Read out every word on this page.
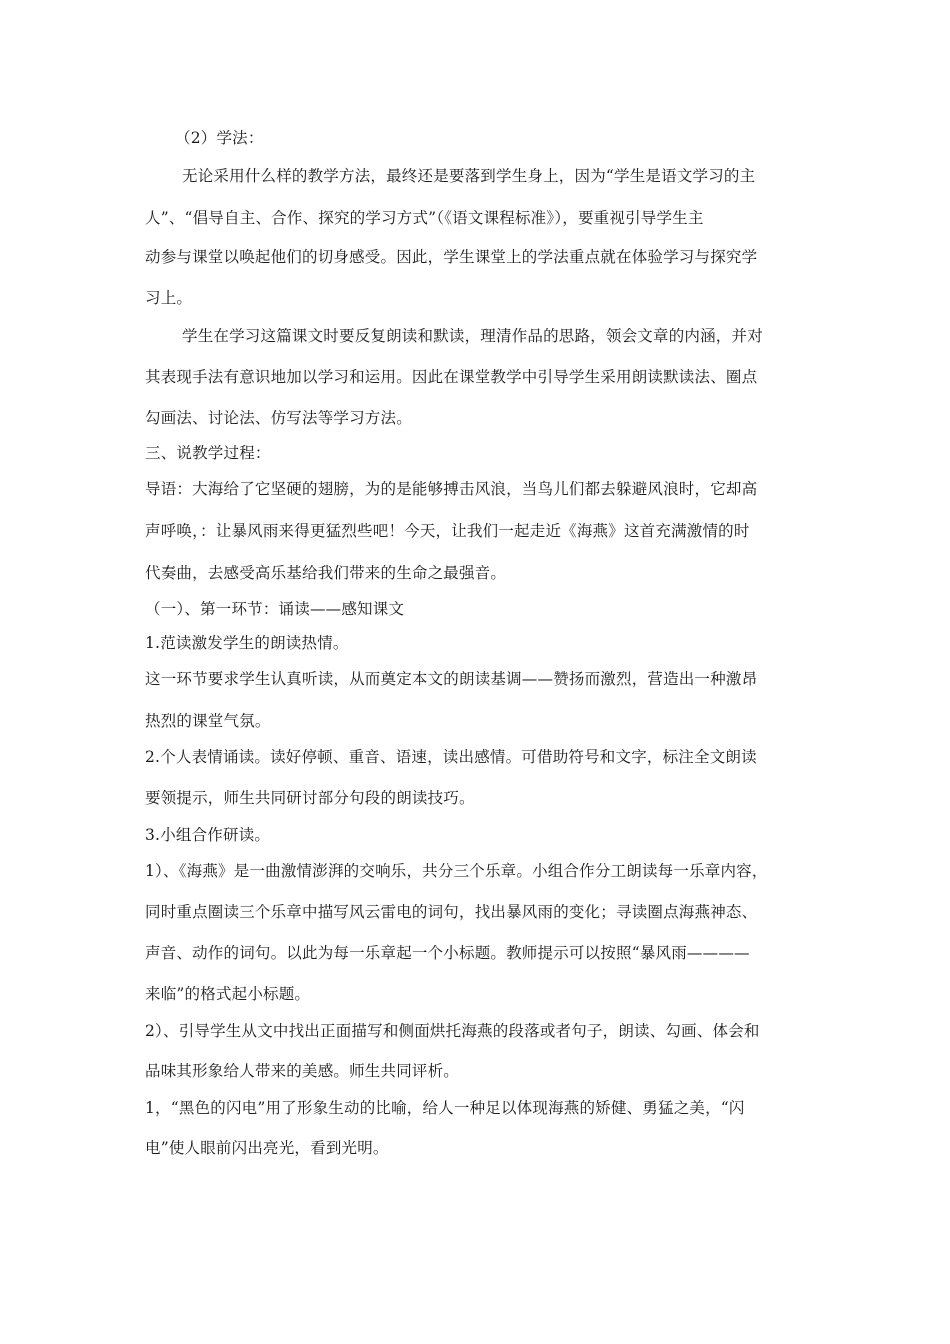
（2）学法：
无论采用什么样的教学方法，最终还是要落到学生身上，因为“学生是语文学习的主
人”、“倡导自主、合作、探究的学习方式”（《语文课程标准》），要重视引导学生主
动参与课堂以唤起他们的切身感受。因此，学生课堂上的学法重点就在体验学习与探究学
习上。
学生在学习这篇课文时要反复朗读和默读，理清作品的思路，领会文章的内涵，并对
其表现手法有意识地加以学习和运用。因此在课堂教学中引导学生采用朗读默读法、圈点
勾画法、讨论法、仿写法等学习方法。
三、说教学过程：
导语：大海给了它坚硬的翅膀，为的是能够搏击风浪，当鸟儿们都去躲避风浪时，它却高
声呼唤，：让暴风雨来得更猛烈些吧！今天，让我们一起走近《海燕》这首充满激情的时
代奏曲，去感受高乐基给我们带来的生命之最强音。
（一）、第一环节：诵读——感知课文
1.范读激发学生的朗读热情。
这一环节要求学生认真听读，从而奠定本文的朗读基调——赞扬而激烈，营造出一种激昂
热烈的课堂气氛。
2.个人表情诵读。读好停顿、重音、语速，读出感情。可借助符号和文字，标注全文朗读
要领提示，师生共同研讨部分句段的朗读技巧。
3.小组合作研读。
1）、《海燕》是一曲激情澎湃的交响乐，共分三个乐章。小组合作分工朗读每一乐章内容，
同时重点圈读三个乐章中描写风云雷电的词句，找出暴风雨的变化；寻读圈点海燕神态、
声音、动作的词句。以此为每一乐章起一个小标题。教师提示可以按照“暴风雨————
来临”的格式起小标题。
2）、引导学生从文中找出正面描写和侧面烘托海燕的段落或者句子，朗读、勾画、体会和
品味其形象给人带来的美感。师生共同评析。
1，“黑色的闪电”用了形象生动的比喻，给人一种足以体现海燕的矫健、勇猛之美，“闪
电”使人眼前闪出亮光，看到光明。
